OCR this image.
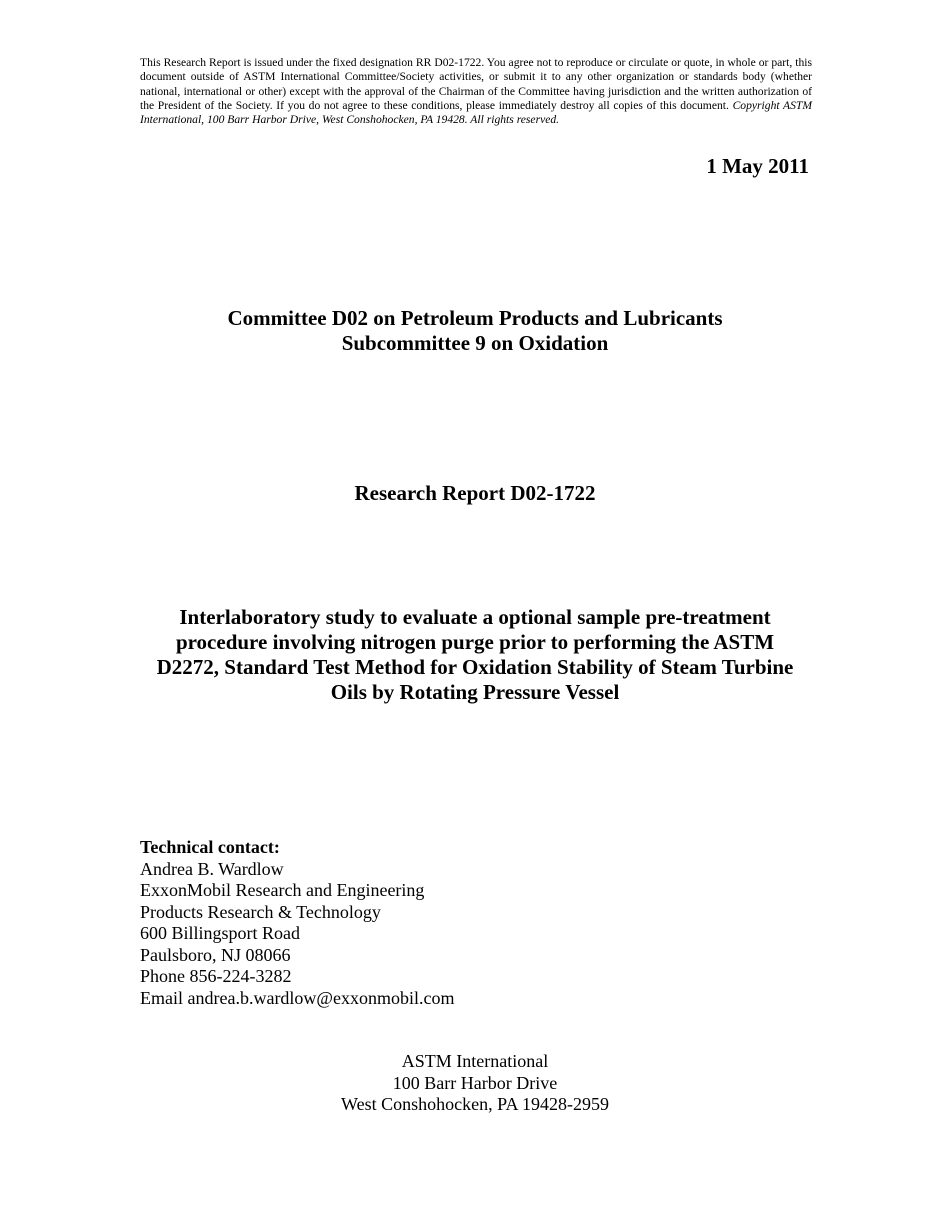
This Research Report is issued under the fixed designation RR D02-1722. You agree not to reproduce or circulate or quote, in whole or part, this document outside of ASTM International Committee/Society activities, or submit it to any other organization or standards body (whether national, international or other) except with the approval of the Chairman of the Committee having jurisdiction and the written authorization of the President of the Society. If you do not agree to these conditions, please immediately destroy all copies of this document. Copyright ASTM International, 100 Barr Harbor Drive, West Conshohocken, PA 19428. All rights reserved.
1 May 2011
Committee D02 on Petroleum Products and Lubricants
Subcommittee 9 on Oxidation
Research Report D02-1722
Interlaboratory study to evaluate a optional sample pre-treatment
procedure involving nitrogen purge prior to performing the ASTM
D2272, Standard Test Method for Oxidation Stability of Steam Turbine
Oils by Rotating Pressure Vessel
Technical contact:
Andrea B. Wardlow
ExxonMobil Research and Engineering
Products Research & Technology
600 Billingsport Road
Paulsboro, NJ 08066
Phone 856-224-3282
Email andrea.b.wardlow@exxonmobil.com
ASTM International
100 Barr Harbor Drive
West Conshohocken, PA 19428-2959
